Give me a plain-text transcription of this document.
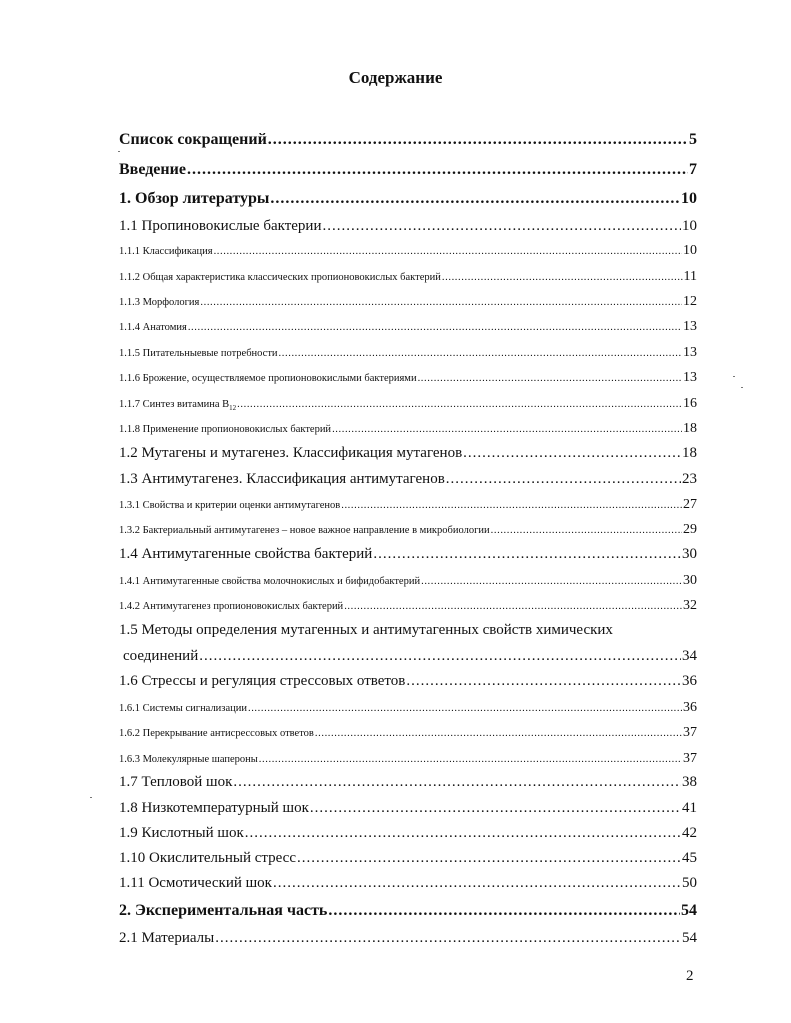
Содержание
Список сокращений .....	5
Введение .....	7
1. Обзор литературы .....	10
1.1 Пропиновокислые бактерии .....	10
1.1.1 Классификация .....	10
1.1.2 Общая характеристика классических пропионовокислых бактерий .....	11
1.1.3 Морфология .....	12
1.1.4 Анатомия .....	13
1.1.5 Питательныевые потребности .....	13
1.1.6 Брожение, осуществляемое пропионовокислыми бактериями .....	13
1.1.7 Синтез витамина $В_{12}$ .....	16
1.1.8 Применение пропионовокислых бактерий .....	18
1.2 Мутагены и мутагенез. Классификация мутагенов .....	18
1.3 Антимутагенез. Классификация антимутагенов .....	23
1.3.1 Свойства и критерии оценки антимутагенов .....	27
1.3.2 Бактериальный антимутагенез – новое важное направление в микробиологии .....	29
1.4 Антимутагенные свойства бактерий .....	30
1.4.1 Антимутагенные свойства молочнокислых и бифидобактерий .....	30
1.4.2 Антимутагенез пропионовокислых бактерий .....	32
1.5 Методы определения мутагенных и антимутагенных свойств химических
соединений .....	34
1.6 Стрессы и регуляция стрессовых ответов .....	36
1.6.1 Системы сигнализации .....	36
1.6.2 Перекрывание антисрессовых ответов .....	37
1.6.3 Молекулярные шапероны .....	37
1.7 Тепловой шок .....	38
1.8 Низкотемпературный шок .....	41
1.9 Кислотный шок .....	42
1.10 Окислительный стресс .....	45
1.11 Осмотический шок .....	50
2. Экспериментальная часть .....	54
2.1 Материалы .....	54
2
